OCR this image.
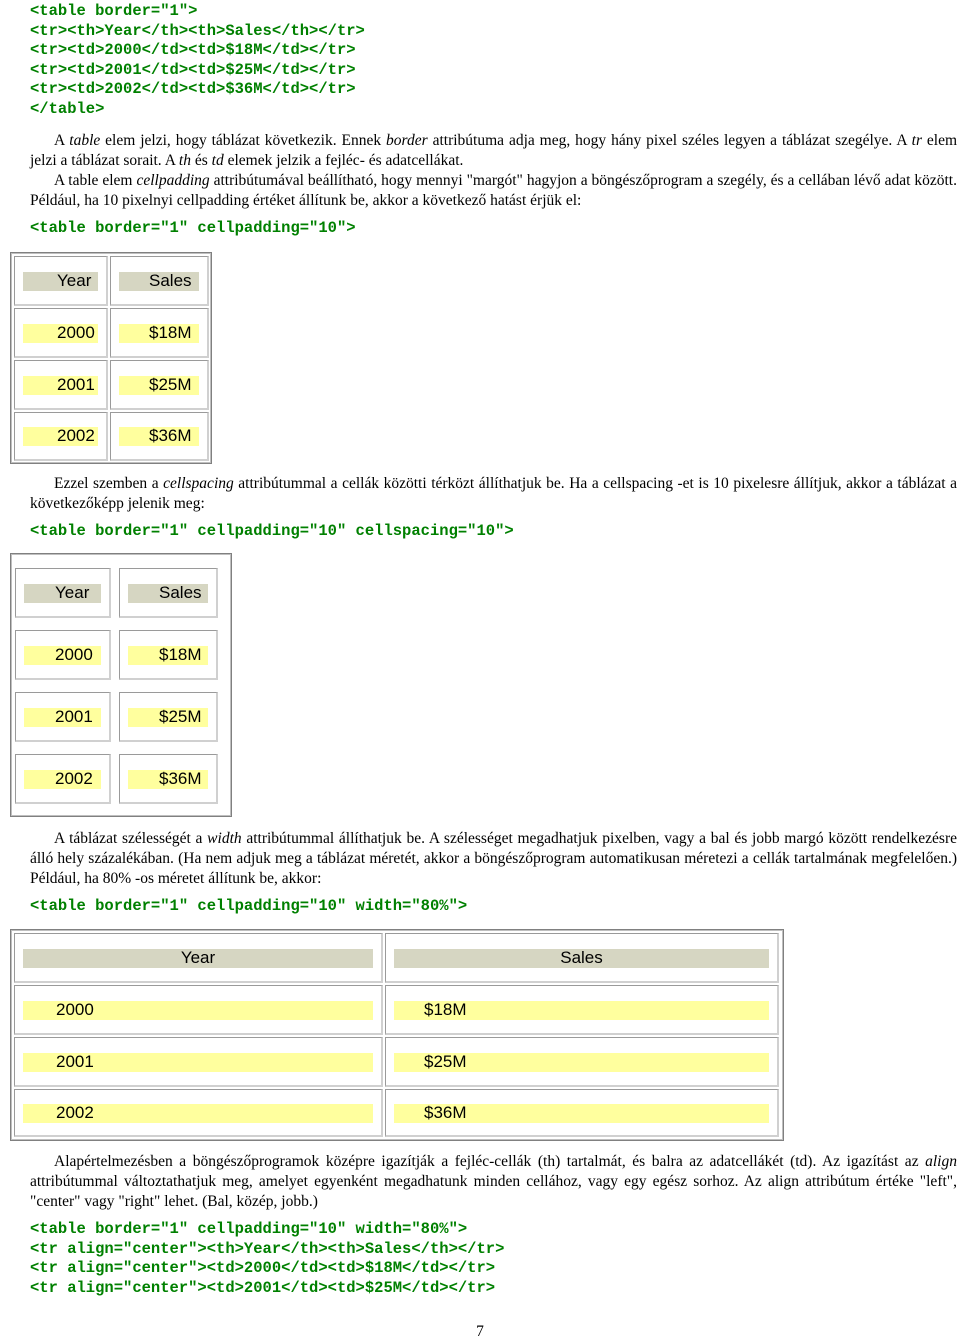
<table border="1">
<tr><th>Year</th><th>Sales</th></tr>
<tr><td>2000</td><td>$18M</td></tr>
<tr><td>2001</td><td>$25M</td></tr>
<tr><td>2002</td><td>$36M</td></tr>
</table>

A table elem jelzi, hogy táblázat következik. Ennek border attribútuma adja meg, hogy hány pixel széles legyen a táblázat szegélye. A tr elem jelzi a táblázat sorait. A th és td elemek jelzik a fejléc- és adatcellákat.
A table elem cellpadding attribútumával beállítható, hogy mennyi "margót" hagyjon a böngészőprogram a szegély, és a cellában lévő adat között. Például, ha 10 pixelnyi cellpadding értéket állítunk be, akkor a következő hatást érjük el:

<table border="1" cellpadding="10">
Year	Sales
2000	$18M
2001	$25M
2002	$36M

Ezzel szemben a cellspacing attribútummal a cellák közötti térközt állíthatjuk be. Ha a cellspacing -et is 10 pixelesre állítjuk, akkor a táblázat a következőképp jelenik meg:

<table border="1" cellpadding="10" cellspacing="10">
Year	Sales
2000	$18M
2001	$25M
2002	$36M

A táblázat szélességét a width attribútummal állíthatjuk be. A szélességet megadhatjuk pixelben, vagy a bal és jobb margó között rendelkezésre álló hely százalékában. (Ha nem adjuk meg a táblázat méretét, akkor a böngészőprogram automatikusan méretezi a cellák tartalmának megfelelően.) Például, ha 80% -os méretet állítunk be, akkor:

<table border="1" cellpadding="10" width="80%">
Year	Sales
2000	$18M
2001	$25M
2002	$36M

Alapértelmezésben a böngészőprogramok középre igazítják a fejléc-cellák (th) tartalmát, és balra az adatcellákét (td). Az igazítást az align attribútummal változtathatjuk meg, amelyet egyenként megadhatunk minden cellához, vagy egy egész sorhoz. Az align attribútum értéke "left", "center" vagy "right" lehet. (Bal, közép, jobb.)

<table border="1" cellpadding="10" width="80%">
<tr align="center"><th>Year</th><th>Sales</th></tr>
<tr align="center"><td>2000</td><td>$18M</td></tr>
<tr align="center"><td>2001</td><td>$25M</td></tr>
7
